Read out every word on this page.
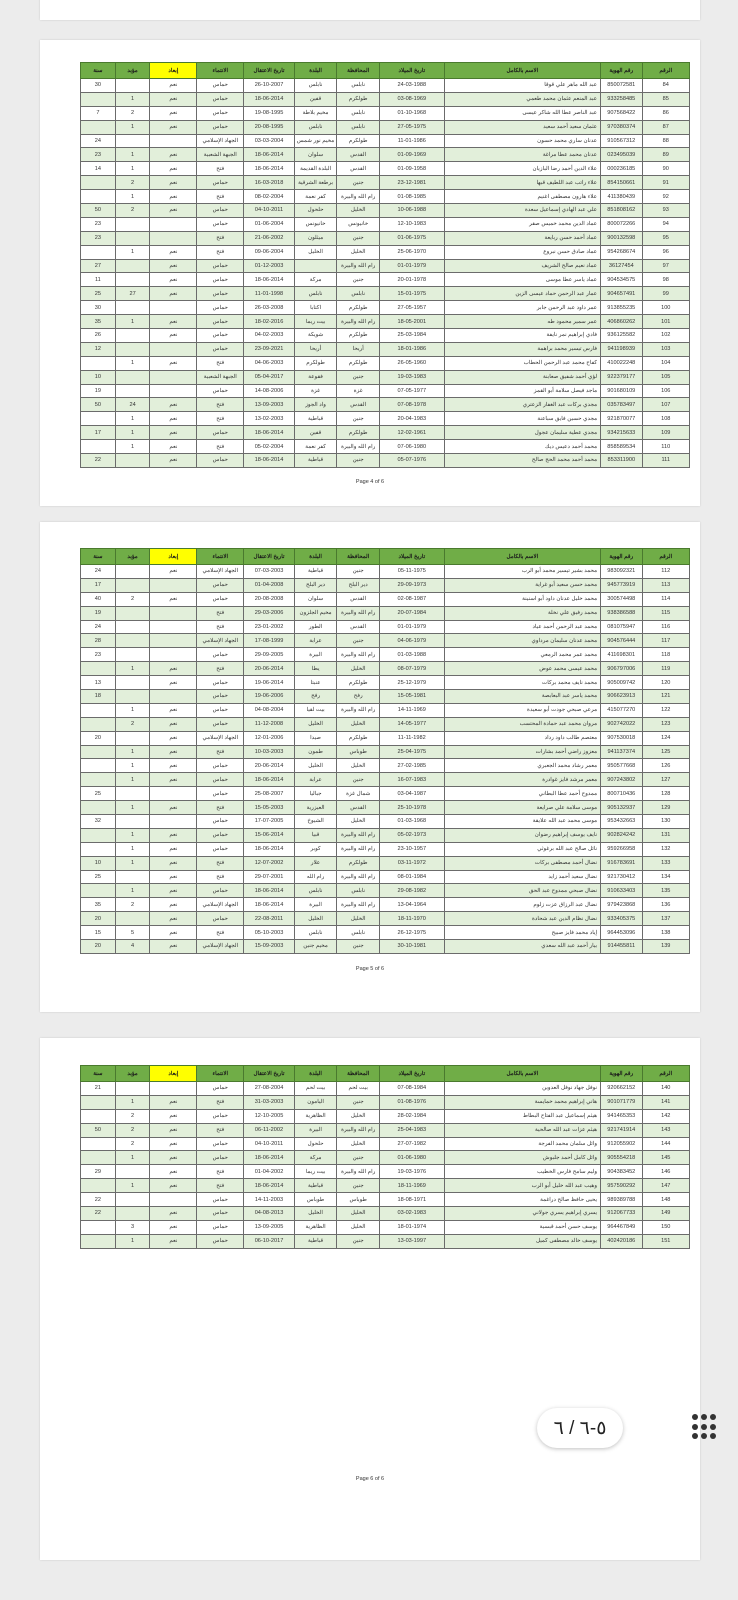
الرقم	رقم الهوية	الاسم بالكامل	تاريخ الميلاد	المحافظة	البلدة	تاريخ الاعتقال	الانتماء	إبعاد	مؤبد	سنة
84	850072581	عبد الله ماهر علي قوقا	24-03-1988	نابلس	نابلس	26-10-2007	حماس	نعم		30
85	933258485	عبد المنعم عثمان محمد طعمي	03-08-1969	طولكرم	قفين	18-06-2014	حماس	نعم	1	
86	907568422	عبد الناصر عطا الله شاكر عيسى	01-10-1968	نابلس	مخيم بلاطة	19-08-1995	حماس	نعم	2	7
87	970380374	عثمان سعيد أحمد سعيد	27-05-1975	نابلس	نابلس	20-08-1995	حماس	نعم	1	
88	910567312	عدنان ساري محمد حسون	11-01-1986	طولكرم	مخيم نور شمس	03-03-2004	الجهاد الإسلامي			24
89	023495039	عدنان محمد عطا مراغة	01-09-1969	القدس	سلوان	18-06-2014	الجبهة الشعبية	نعم	1	23
90	000236185	علاء الدين أحمد رضا البازيان	01-09-1958	القدس	البلدة القديمة	18-06-2014	فتح	نعم	1	14
91	854150661	علاء راتب عبد اللطيف قبها	23-12-1981	جنين	برطعة الشرقية	16-03-2018	حماس	نعم	2	
92	411380439	علاء هارون مصطفى اغنيم	01-08-1985	رام الله والبيرة	كفر نعمة	08-02-2004	فتح	نعم	1	
93	851808162	علي عبد الهادي إسماعيل سعدة	10-06-1988	الخليل	حلحول	04-10-2011	حماس	نعم	2	50
94	800072266	عماد الدين محمد خميس صقر	12-10-1983	خانيونس	خانيونس	01-06-2004	حماس			23
95	900132598	عماد أحمد حسن ربايعة	01-06-1975	جنين	ميثلون	21-06-2002	فتح			23
96	954268674	عماد صادق حسن نبروع	25-06-1970	الخليل	الخليل	09-06-2004	فتح	نعم	1	
97	36127454	عماد نعيم صالح الشريف	01-01-1979	رام الله والبيرة		01-12-2003	حماس	نعم		27
98	904534575	عماد ياسر عطا موسى	20-01-1978	جنين	مركة	18-06-2014	حماس	نعم		11
99	904657491	عمار عبد الرحمن حماد عيسى الزين	15-01-1975	نابلس	نابلس	11-01-1998	حماس	نعم	27	25
100	913855235	عمر داود عبد الرحمن جابر	27-05-1957	طولكرم	اكتابا	26-03-2008	حماس			30
101	406860262	عمر سمير محمود طه	18-05-2001	رام الله والبيرة	بيت ريما	18-02-2016	حماس	نعم	1	35
102	936125582	فادي إبراهيم نمر نايفة	25-03-1984	طولكرم	شويكة	04-02-2003	حماس	نعم		26
103	941198939	فارس تيسير محمد براهمة	18-01-1986	أريحا	أريحا	23-09-2021	حماس			12
104	410022248	كفاح محمد عبد الرحمن الحطاب	26-05-1960	طولكرم	طولكرم	04-06-2003	فتح	نعم	1	
105	922379177	لؤي أحمد شفيق صعابنة	19-03-1983	جنين	فقوعة	05-04-2017	الجبهة الشعبية			10
106	901680109	ماجد فيصل سلامة أبو القمز	07-05-1977	غزة	غزة	14-08-2006	حماس			19
107	035783497	مجدي بركات عبد الغفار الزعتري	07-08-1978	القدس	واد الجوز	13-09-2003	فتح	نعم	24	50
108	921870077	مجدي حسين فايق سباعنة	20-04-1983	جنين	قباطية	13-02-2003	فتح	نعم	1	
109	934215633	مجدي عطية سليمان عجول	12-02-1961	طولكرم	قفين	18-06-2014	حماس	نعم	1	17
110	858589534	محمد أحمد دعيس ديك	07-06-1980	رام الله والبيرة	كفر نعمة	05-02-2004	فتح	نعم	1	
111	853311900	محمد أحمد محمد الحج صالح	05-07-1976	جنين	قباطية	18-06-2014	حماس	نعم		22
Page 4 of 6
الرقم	رقم الهوية	الاسم بالكامل	تاريخ الميلاد	المحافظة	البلدة	تاريخ الاعتقال	الانتماء	إبعاد	مؤبد	سنة
112	983092321	محمد بشير تيسير محمد أبو الرب	05-11-1975	جنين	قباطية	07-03-2003	الجهاد الإسلامي	نعم		24
113	945773919	محمد حسن سعيد أبو غراية	29-09-1973	دير البلح	دير البلح	01-04-2008	حماس			17
114	300574498	محمد خليل عدنان داود أبو اسنينة	02-08-1987	القدس	سلوان	20-08-2008	حماس	نعم	2	40
115	938386588	محمد رفيق علي نخلة	20-07-1984	رام الله والبيرة	مخيم الجلزون	29-03-2006	فتح			19
116	081075947	محمد عبد الرحمن أحمد عياد	01-01-1979	القدس	الطور	23-01-2002	فتح			24
117	904576444	محمد عدنان سليمان مرداوي	04-06-1979	جنين	عرابة	17-08-1999	الجهاد الإسلامي			28
118	411698301	محمد عمر محمد الرمعي	01-03-1988	رام الله والبيرة	البيرة	29-09-2005	حماس			23
119	906797006	محمد عيسى محمد عوض	08-07-1979	الخليل	يطا	20-06-2014	فتح	نعم	1	
120	905009742	محمد نايف محمد بركات	25-12-1979	طولكرم	عنبتا	19-06-2014	حماس	نعم		13
121	906623913	محمد ياسر عبد البعابصة	15-05-1981	رفح	رفح	19-06-2006	حماس			18
122	415077270	مرعي صبحي جودت أبو سعيدة	14-11-1969	رام الله والبيرة	بيت لقيا	04-08-2004	حماس	نعم	1	
123	902742022	مروان محمد عبد حمادة المحتسب	14-05-1977	الخليل	الخليل	11-12-2008	حماس	نعم	2	
124	907530018	معتصم طالب داود رداد	11-11-1982	طولكرم	صيدا	12-01-2006	الجهاد الإسلامي	نعم		20
125	941137374	معزوز راضي أحمد بشارات	25-04-1975	طوباس	طمون	10-03-2003	فتح	نعم	1	
126	950577668	معمر رشاد محمد الجعبري	27-02-1985	الخليل	الخليل	20-06-2014	حماس	نعم	1	
127	907243802	معمر مرشد فايز غوادرة	16-07-1983	جنين	عرابة	18-06-2014	حماس	نعم	1	
128	800710436	ممدوح أحمد عطا البطاني	03-04-1987	شمال غزة	جباليا	25-08-2007	حماس			25
129	905132937	موسى سلامة علي صرايعة	25-10-1978	القدس	العيزرية	15-05-2003	فتح	نعم	1	
130	953432663	موسى محمد عبد الله علايقة	01-03-1968	الخليل	الشيوخ	17-07-2005	حماس			32
131	902824242	نايف يوسف إبراهيم رضوان	05-02-1973	رام الله والبيرة	قبيا	15-06-2014	حماس	نعم	1	
132	959266958	نائل صالح عبد الله برغوثي	23-10-1957	رام الله والبيرة	كوبر	18-06-2014	حماس	نعم	1	
133	916783691	نضال أحمد مصطفى بركات	03-11-1972	طولكرم	علار	12-07-2002	فتح	نعم	1	10
134	921730412	نضال سعيد أحمد زايد	08-01-1984	رام الله والبيرة	رام الله	29-07-2001	فتح	نعم		25
135	910633403	نضال صبحي ممدوح عبد الحق	29-08-1982	نابلس	نابلس	18-06-2014	حماس	نعم	1	
136	979423868	نضال عبد الرزاق عزت زلوم	13-04-1964	رام الله والبيرة	البيرة	18-06-2014	الجهاد الإسلامي	نعم	2	35
137	933405375	نضال نظام الدين عبد شحادة	18-11-1970	الخليل	الخليل	22-08-2011	حماس	نعم		20
138	964453096	إياد محمد فايز صبيح	26-12-1975	نابلس	نابلس	05-10-2003	فتح	نعم	5	15
139	914455811	بيار أحمد عبد الله سعدي	30-10-1981	جنين	مخيم جنين	15-09-2003	الجهاد الإسلامي	نعم	4	20
Page 5 of 6
الرقم	رقم الهوية	الاسم بالكامل	تاريخ الميلاد	المحافظة	البلدة	تاريخ الاعتقال	الانتماء	إبعاد	مؤبد	سنة
140	920662152	نوفل جهاد نوفل العدوين	07-08-1984	بيت لحم	بيت لحم	27-08-2004	حماس			21
141	901071779	هاني إبراهيم محمد خمايسة	01-08-1976	جنين	اليامون	31-03-2003	فتح	نعم	1	
142	941465353	هيثم إسماعيل عبد الفتاح البطاط	28-02-1984	الخليل	الظاهرية	12-10-2005	حماس	نعم	2	
143	921741914	هيثم عزات عبد الله صالحية	25-04-1983	رام الله والبيرة	البيرة	06-11-2002	فتح	نعم	2	50
144	912055902	وائل سلمان محمد الفرجة	27-07-1982	الخليل	حلحول	04-10-2011	حماس	نعم	2	
145	905554218	وائل كامل أحمد جلبوش	01-06-1980	جنين	مركة	18-06-2014	حماس	نعم	1	
146	904383452	وليم سامح فارس الخطيب	19-03-1976	رام الله والبيرة	بيت ريما	01-04-2002	فتح	نعم		29
147	957590292	وهيب عبد الله خليل أبو الرب	18-11-1969	جنين	قباطية	18-06-2014	فتح	نعم	1	
148	989389788	يحيى حافظ صالح دراغمة	18-08-1971	طوباس	طوباس	14-11-2003	حماس			22
149	912067733	يسري إبراهيم يسري جولاني	03-02-1983	الخليل	الخليل	04-08-2013	حماس	نعم		22
150	964467849	يوسف حسن أحمد قبسية	18-01-1974	الخليل	الظاهرية	13-09-2005	حماس	نعم	3	
151	402420186	يوسف خالد مصطفى كميل	13-03-1997	جنين	قباطية	06-10-2017	حماس	نعم	1	
Page 6 of 6
٥-٦ / ٦
